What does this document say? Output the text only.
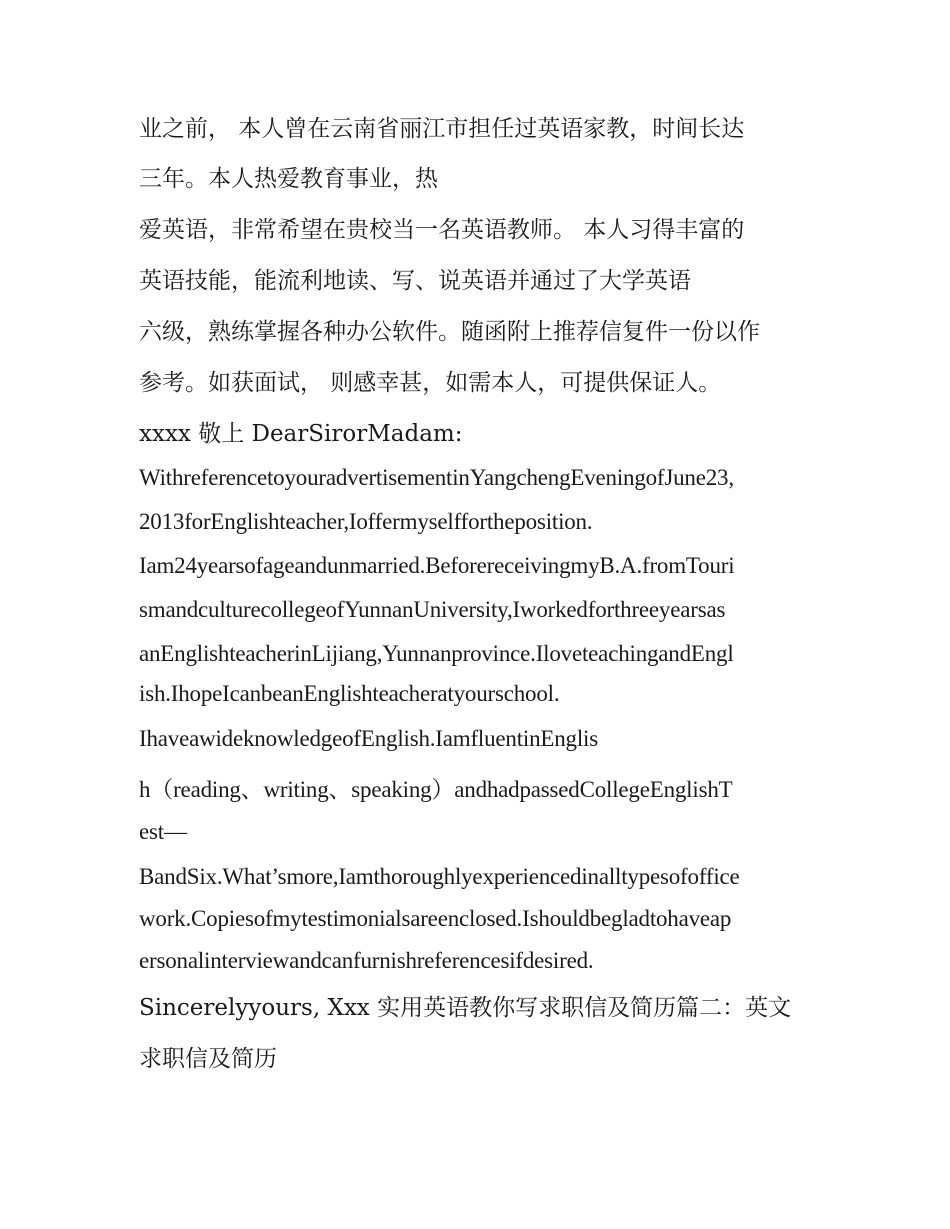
业之前， 本人曾在云南省丽江市担任过英语家教，时间长达

三年。本人热爱教育事业，热

爱英语，非常希望在贵校当一名英语教师。 本人习得丰富的

英语技能，能流利地读、写、说英语并通过了大学英语

六级，熟练掌握各种办公软件。随函附上推荐信复件一份以作

参考。如获面试， 则感幸甚，如需本人，可提供保证人。

xxxx 敬上 DearSirorMadam:

WithreferencetoyouradvertisementinYangchengEveningofJune23,

2013forEnglishteacher,Ioffermyselffortheposition.

Iam24yearsofageandunmarried.BeforereceivingmyB.A.fromTouri

smandculturecollegeofYunnanUniversity,Iworkedforthreeyearsas

anEnglishteacherinLijiang,Yunnanprovince.IloveteachingandEngl

ish.IhopeIcanbeanEnglishteacheratyourschool.

IhaveawideknowledgeofEnglish.IamfluentinEnglis

h（reading、writing、speaking）andhadpassedCollegeEnglishT

est—

BandSix.What’smore,Iamthoroughlyexperiencedinalltypesofoffice

work.Copiesofmytestimonialsareenclosed.Ishouldbegladtohaveap

ersonalinterviewandcanfurnishreferencesifdesired.

Sincerelyyours, Xxx 实用英语教你写求职信及简历篇二：英文

求职信及简历
